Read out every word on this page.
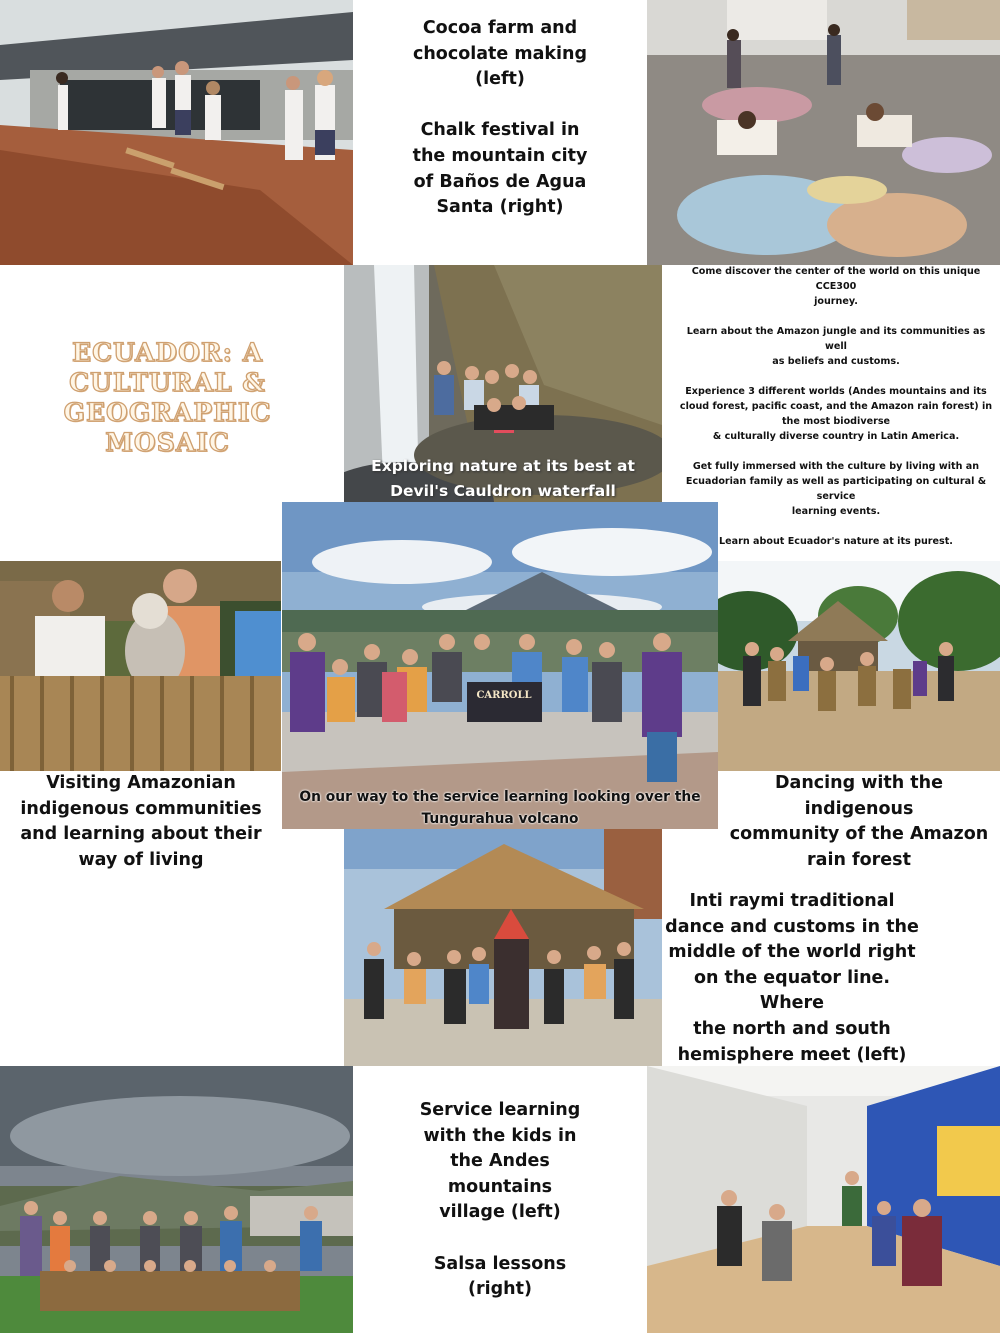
Cocoa farm and
chocolate making
(left)

Chalk festival in
the mountain city
of Baños de Agua
Santa (right)
ECUADOR: A
CULTURAL &
GEOGRAPHIC
MOSAIC
Exploring nature at its best at
Devil's Cauldron waterfall

Come discover the center of the world on this unique
CCE300
journey.

Learn about the Amazon jungle and its communities as
well
as beliefs and customs.

Experience 3 different worlds (Andes mountains and its
cloud forest, pacific coast, and the Amazon rain forest) in
the most biodiverse
& culturally diverse country in Latin America.

Get fully immersed with the culture by living with an
Ecuadorian family as well as participating on cultural &
service
learning events.

Learn about Ecuador's nature at its purest.

Visiting Amazonian
indigenous communities
and learning about their
way of living
CARROLL
On our way to the service learning looking over the
Tungurahua volcano
Dancing with the indigenous
community of the Amazon
rain forest
Inti raymi traditional
dance and customs in the
middle of the world right
on the equator line. Where
the north and south
hemisphere meet (left)
Service learning
with the kids in
the Andes
mountains
village (left)

Salsa lessons
(right)
